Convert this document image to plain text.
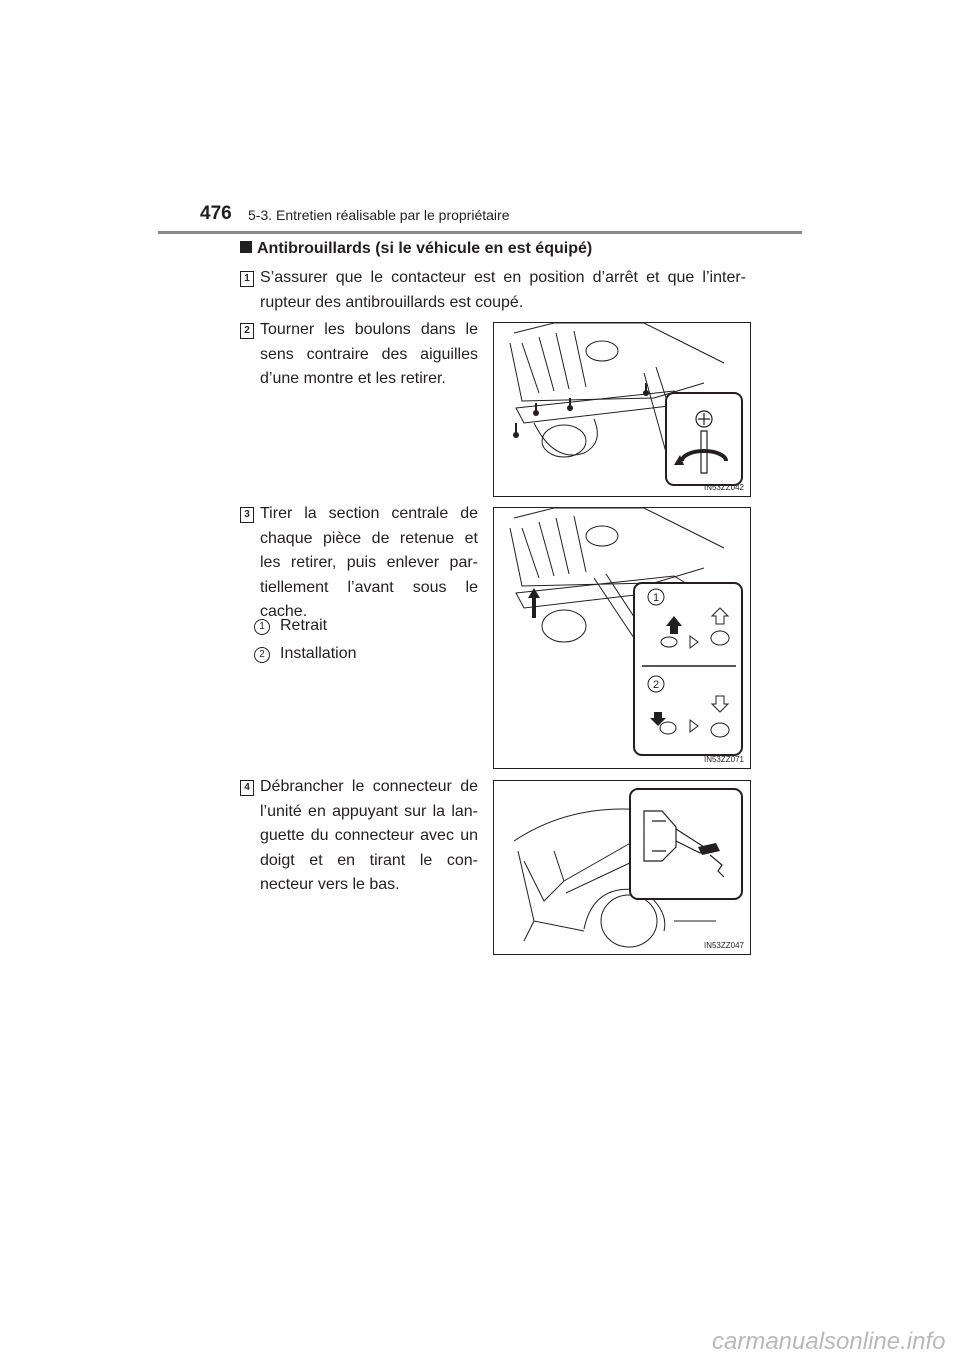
476 5-3. Entretien réalisable par le propriétaire
Antibrouillards (si le véhicule en est équipé)
1 S’assurer que le contacteur est en position d’arrêt et que l’inter-rupteur des antibrouillards est coupé.
2 Tourner les boulons dans le sens contraire des aiguilles d’une montre et les retirer.
IN53ZZ042
3 Tirer la section centrale de chaque pièce de retenue et les retirer, puis enlever par-tiellement l’avant sous le cache.
1 Retrait
2 Installation
1
2
IN53ZZ071
4 Débrancher le connecteur de l’unité en appuyant sur la lan-guette du connecteur avec un doigt et en tirant le con-necteur vers le bas.
IN53ZZ047
carmanualsonline.info
